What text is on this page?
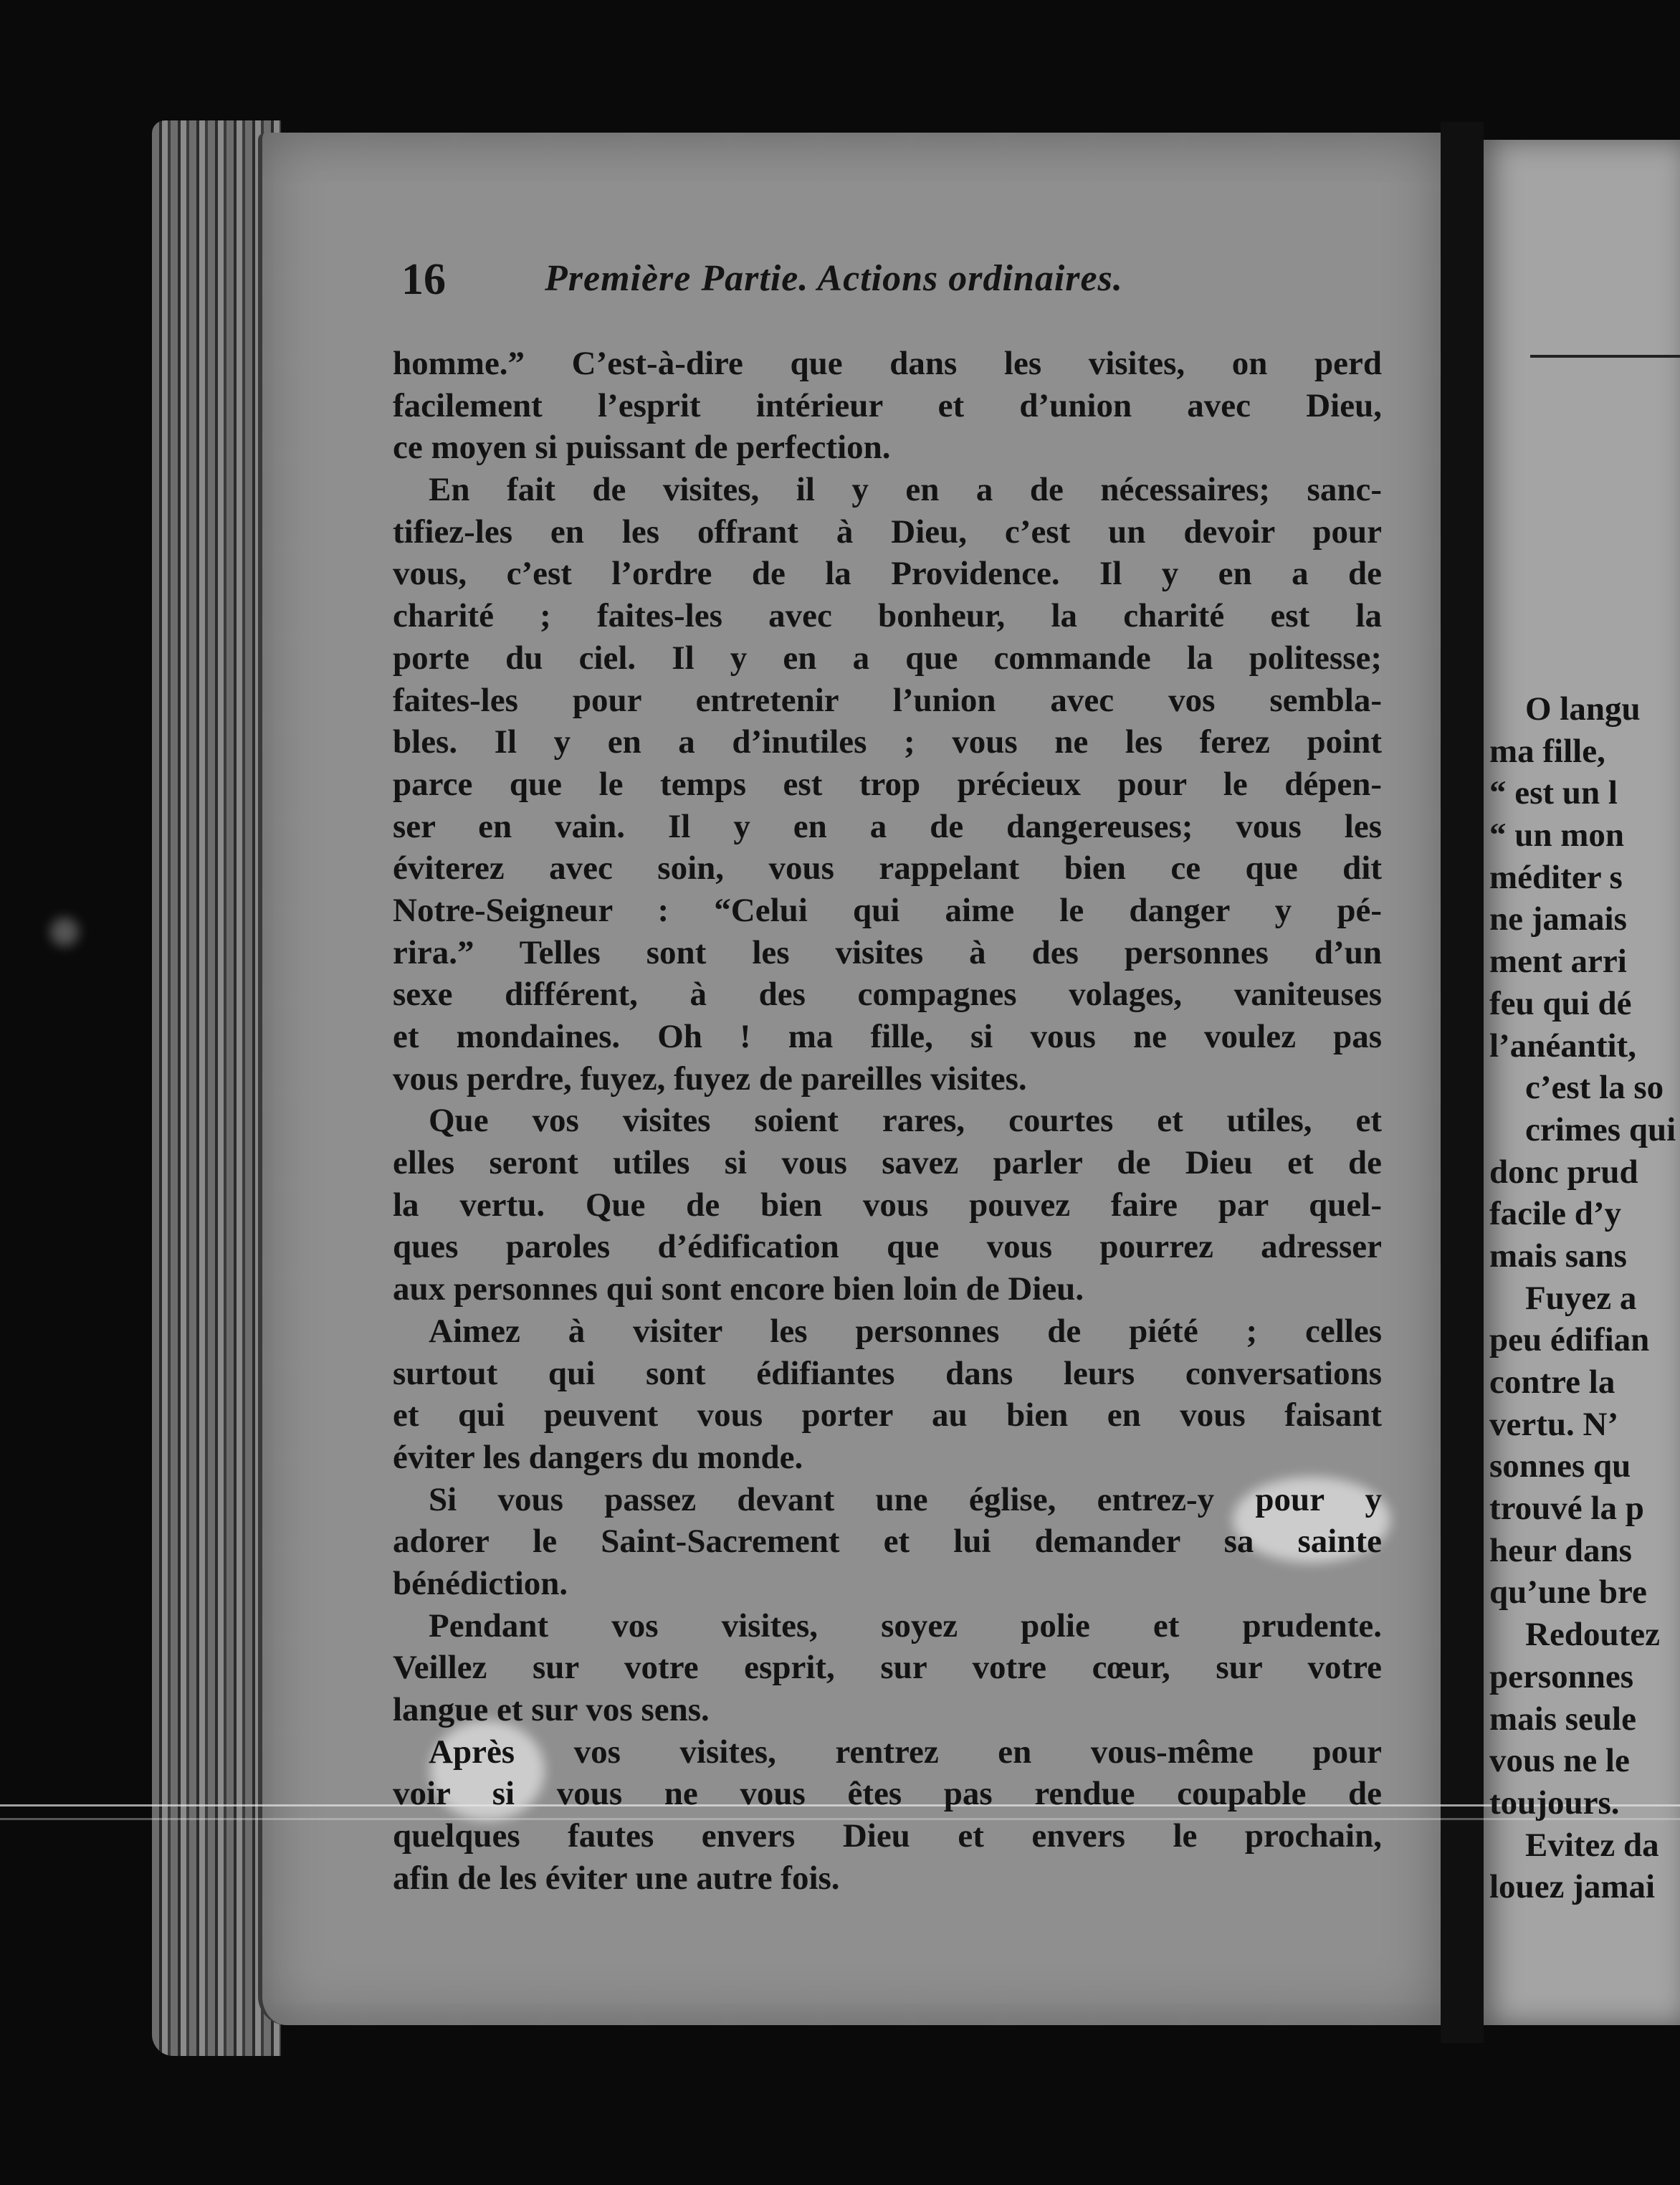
16	Première Partie. Actions ordinaires.
homme.” C’est-à-dire que dans les visites, on perd
facilement l’esprit intérieur et d’union avec Dieu,
ce moyen si puissant de perfection.
En fait de visites, il y en a de nécessaires; sanc-
tifiez-les en les offrant à Dieu, c’est un devoir pour
vous, c’est l’ordre de la Providence. Il y en a de
charité ; faites-les avec bonheur, la charité est la
porte du ciel. Il y en a que commande la politesse;
faites-les pour entretenir l’union avec vos sembla-
bles. Il y en a d’inutiles ; vous ne les ferez point
parce que le temps est trop précieux pour le dépen-
ser en vain. Il y en a de dangereuses; vous les
éviterez avec soin, vous rappelant bien ce que dit
Notre-Seigneur : “Celui qui aime le danger y pé-
rira.” Telles sont les visites à des personnes d’un
sexe différent, à des compagnes volages, vaniteuses
et mondaines. Oh ! ma fille, si vous ne voulez pas
vous perdre, fuyez, fuyez de pareilles visites.
Que vos visites soient rares, courtes et utiles, et
elles seront utiles si vous savez parler de Dieu et de
la vertu. Que de bien vous pouvez faire par quel-
ques paroles d’édification que vous pourrez adresser
aux personnes qui sont encore bien loin de Dieu.
Aimez à visiter les personnes de piété ; celles
surtout qui sont édifiantes dans leurs conversations
et qui peuvent vous porter au bien en vous faisant
éviter les dangers du monde.
Si vous passez devant une église, entrez-y pour y
adorer le Saint-Sacrement et lui demander sa sainte
bénédiction.
Pendant vos visites, soyez polie et prudente.
Veillez sur votre esprit, sur votre cœur, sur votre
langue et sur vos sens.
Après vos visites, rentrez en vous-même pour
voir si vous ne vous êtes pas rendue coupable de
quelques fautes envers Dieu et envers le prochain,
afin de les éviter une autre fois.
O langu
ma fille,
“ est un l
“ un mon
méditer s
ne jamais
ment arri
feu qui dé
l’anéantit,
c’est la so
crimes qui
donc prud
facile d’y
mais sans
Fuyez a
peu édifian
contre la
vertu. N’
sonnes qu
trouvé la p
heur dans
qu’une bre
Redoutez
personnes
mais seule
vous ne le
toujours.
Evitez da
louez jamai
